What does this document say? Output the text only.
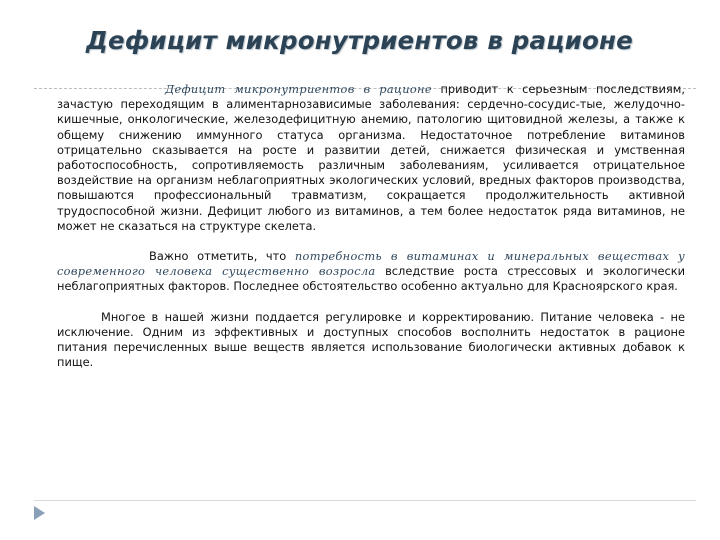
Дефицит микронутриентов в рационе

Дефицит микронутриентов в рационе приводит к серьезным последствиям, зачастую переходящим в алиментарнозависимые заболевания: сердечно-сосудис-тые, желудочно-кишечные, онкологические, железодефицитную анемию, патологию щитовидной железы, а также к общему снижению иммунного статуса организма. Недостаточное потребление витаминов отрицательно сказывается на росте и развитии детей, снижается физическая и умственная работоспособность, сопротивляемость различным заболеваниям, усиливается отрицательное воздействие на организм неблагоприятных экологических условий, вредных факторов производства, повышаются профессиональный травматизм, сокращается продолжительность активной трудоспособной жизни. Дефицит любого из витаминов, а тем более недостаток ряда витаминов, не может не сказаться на структуре скелета.

Важно отметить, что потребность в витаминах и минеральных веществах у современного человека существенно возросла вследствие роста стрессовых и экологически неблагоприятных факторов. Последнее обстоятельство особенно актуально для Красноярского края.

Многое в нашей жизни поддается регулировке и корректированию. Питание человека - не исключение. Одним из эффективных и доступных способов восполнить недостаток в рационе питания перечисленных выше веществ является использование биологически активных добавок к пище.
